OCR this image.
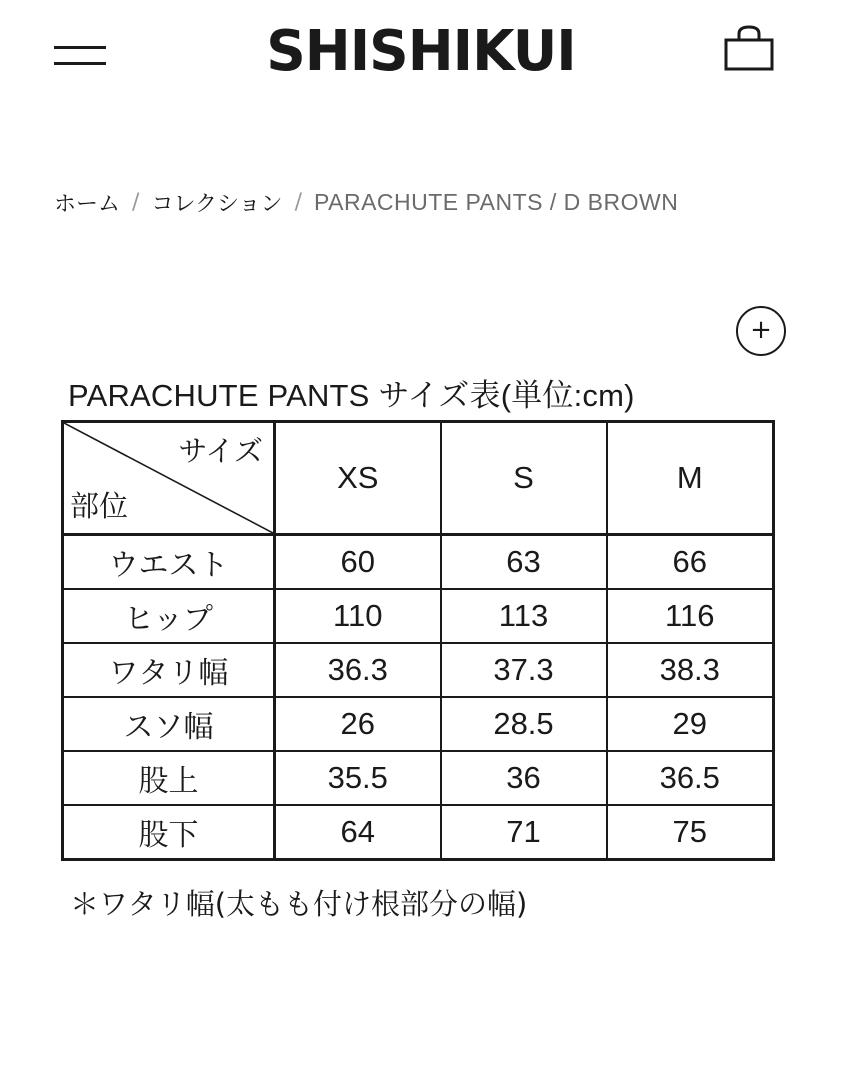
SHISHIKUI
ホーム / コレクション / PARACHUTE PANTS / D BROWN
+
PARACHUTE PANTS サイズ表(単位:cm)
サイズ
部位	XS	S	M
ウエスト	60	63	66
ヒップ	110	113	116
ワタリ幅	36.3	37.3	38.3
スソ幅	26	28.5	29
股上	35.5	36	36.5
股下	64	71	75
＊ワタリ幅(太もも付け根部分の幅)
